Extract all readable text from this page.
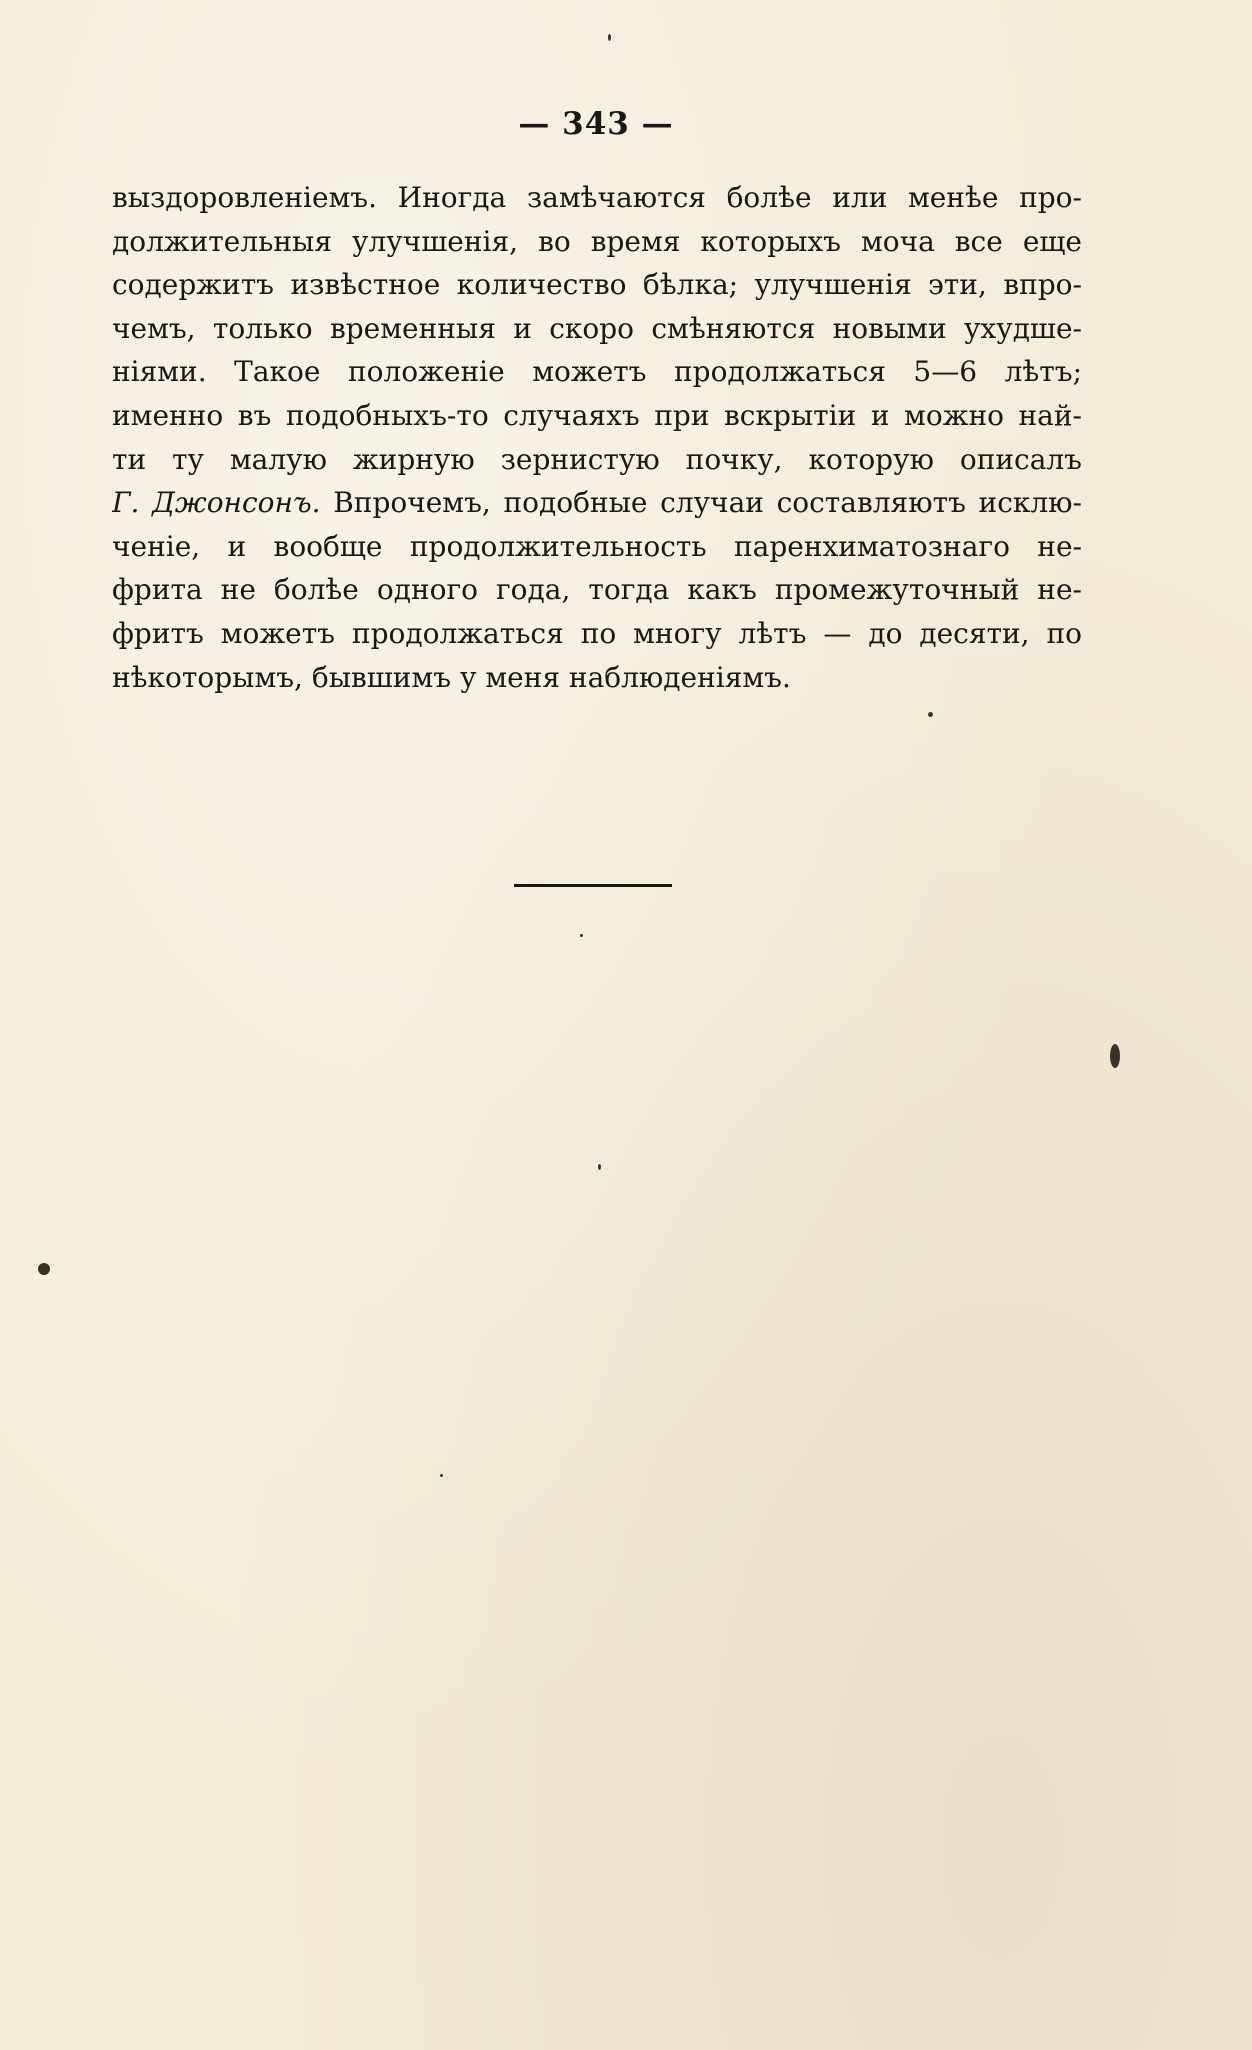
— 343 —
выздоровленіемъ. Иногда замѣчаются болѣе или менѣе про-
должительныя улучшенія, во время которыхъ моча все еще
содержитъ извѣстное количество бѣлка; улучшенія эти, впро-
чемъ, только временныя и скоро смѣняются новыми ухудше-
ніями. Такое положеніе можетъ продолжаться 5—6 лѣтъ;
именно въ подобныхъ-то случаяхъ при вскрытіи и можно най-
ти ту малую жирную зернистую почку, которую описалъ
Г. Джонсонъ. Впрочемъ, подобные случаи составляютъ исклю-
ченіе, и вообще продолжительность паренхиматознаго не-
фрита не болѣе одного года, тогда какъ промежуточный не-
фритъ можетъ продолжаться по многу лѣтъ — до десяти, по
нѣкоторымъ, бывшимъ у меня наблюденіямъ.
